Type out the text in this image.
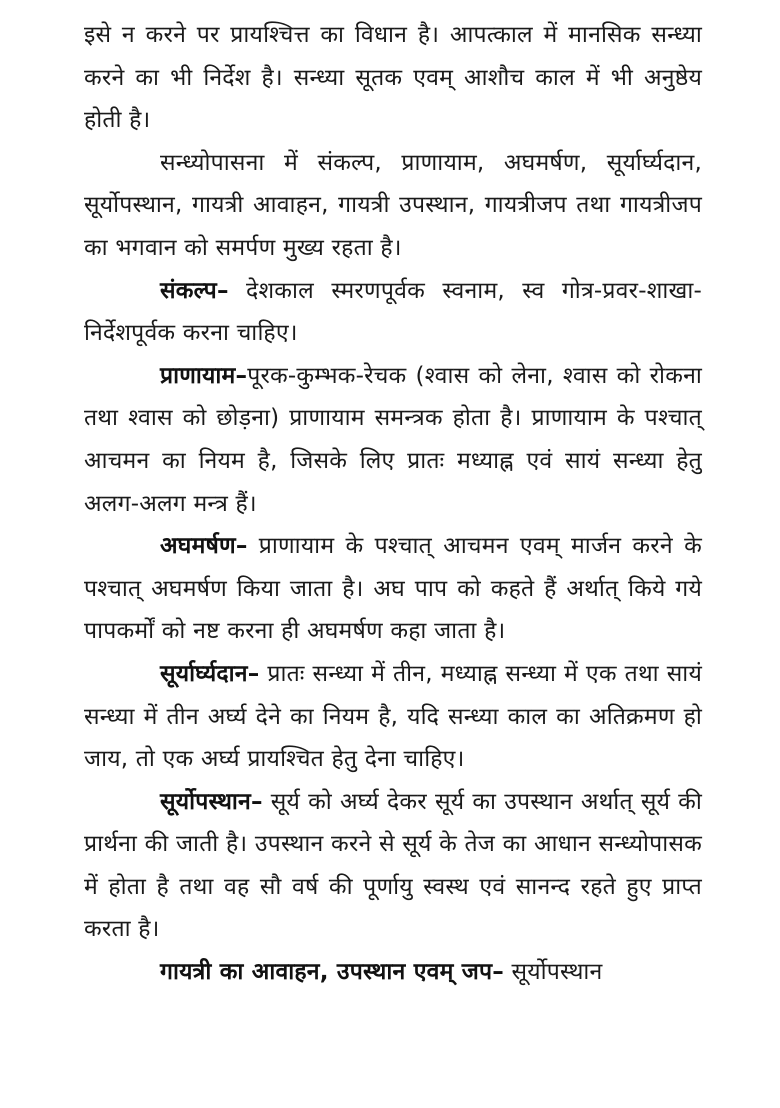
इसे न करने पर प्रायश्चित्त का विधान है। आपत्काल में मानसिक सन्ध्या करने का भी निर्देश है। सन्ध्या सूतक एवम् आशौच काल में भी अनुष्ठेय होती है।

सन्ध्योपासना में संकल्प, प्राणायाम, अघमर्षण, सूर्यार्घ्यदान, सूर्योपस्थान, गायत्री आवाहन, गायत्री उपस्थान, गायत्रीजप तथा गायत्रीजप का भगवान को समर्पण मुख्य रहता है।

संकल्प– देशकाल स्मरणपूर्वक स्वनाम, स्व गोत्र-प्रवर-शाखा-निर्देशपूर्वक करना चाहिए।

प्राणायाम–पूरक-कुम्भक-रेचक (श्वास को लेना, श्वास को रोकना तथा श्वास को छोड़ना) प्राणायाम समन्त्रक होता है। प्राणायाम के पश्चात् आचमन का नियम है, जिसके लिए प्रातः मध्याह्न एवं सायं सन्ध्या हेतु अलग-अलग मन्त्र हैं।

अघमर्षण– प्राणायाम के पश्चात् आचमन एवम् मार्जन करने के पश्चात् अघमर्षण किया जाता है। अघ पाप को कहते हैं अर्थात् किये गये पापकर्मों को नष्ट करना ही अघमर्षण कहा जाता है।

सूर्यार्घ्यदान– प्रातः सन्ध्या में तीन, मध्याह्न सन्ध्या में एक तथा सायं सन्ध्या में तीन अर्घ्य देने का नियम है, यदि सन्ध्या काल का अतिक्रमण हो जाय, तो एक अर्घ्य प्रायश्चित हेतु देना चाहिए।

सूर्योपस्थान– सूर्य को अर्घ्य देकर सूर्य का उपस्थान अर्थात् सूर्य की प्रार्थना की जाती है। उपस्थान करने से सूर्य के तेज का आधान सन्ध्योपासक में होता है तथा वह सौ वर्ष की पूर्णायु स्वस्थ एवं सानन्द रहते हुए प्राप्त करता है।

गायत्री का आवाहन, उपस्थान एवम् जप– सूर्योपस्थान
